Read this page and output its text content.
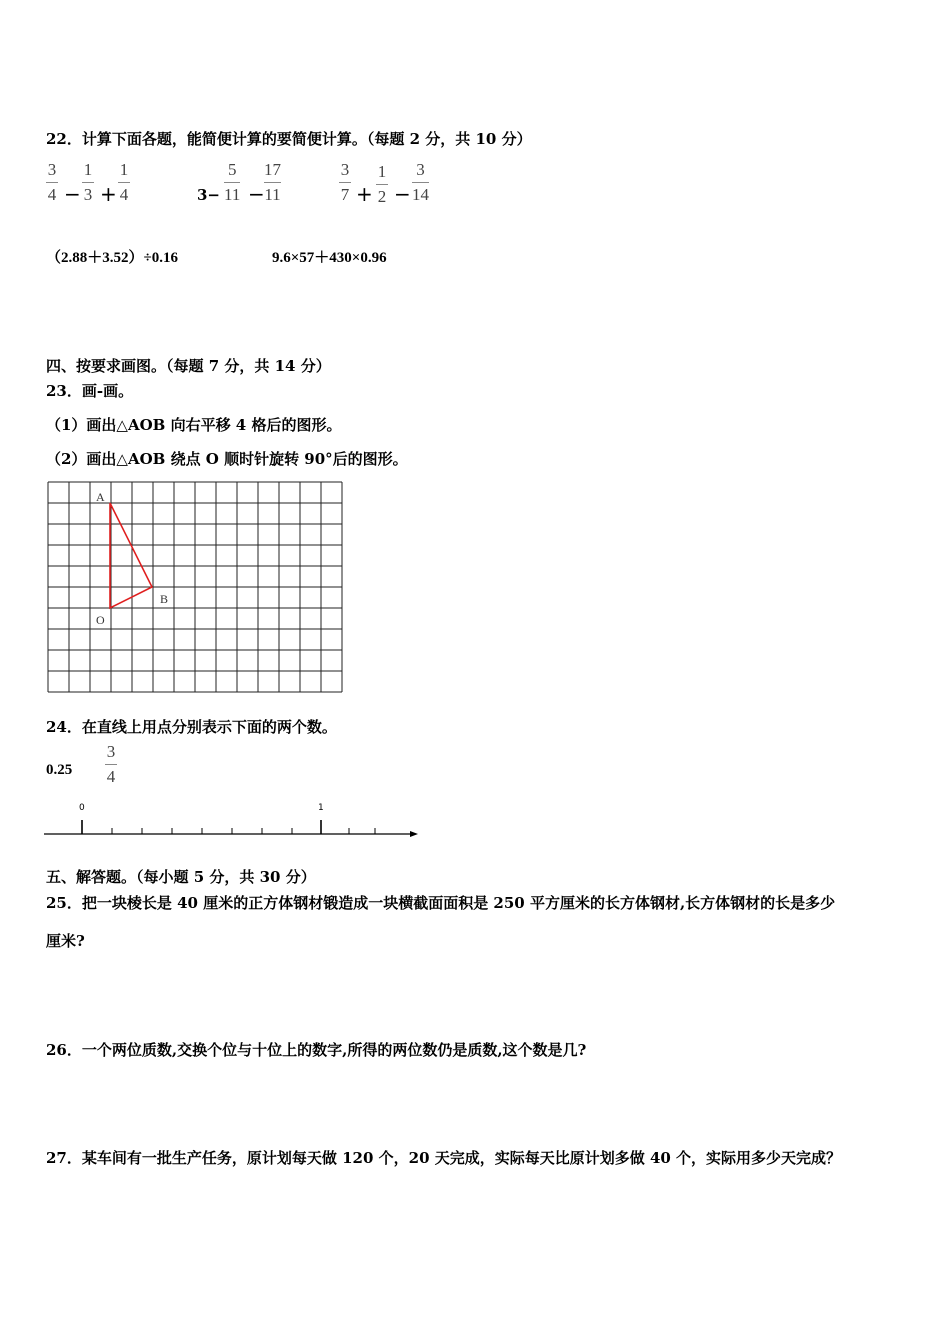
22．计算下面各题，能简便计算的要简便计算。（每题 2 分，共 10 分）
3
4 −
1
3 +
1
4	3−
5
11 −
17
11
3
7 +
1
2 −
3
14
（2.88＋3.52）÷0.16	9.6×57＋430×0.96
四、按要求画图。（每题 7 分，共 14 分）
23．画-画。
（1）画出△AOB 向右平移 4 格后的图形。
（2）画出△AOB 绕点 O 顺时针旋转 90°后的图形。
A
B
O
24．在直线上用点分别表示下面的两个数。
0.25
3
4
0	1
五、解答题。（每小题 5 分，共 30 分）
25．把一块棱长是 40 厘米的正方体钢材锻造成一块横截面面积是 250 平方厘米的长方体钢材,长方体钢材的长是多少
厘米?
26．一个两位质数,交换个位与十位上的数字,所得的两位数仍是质数,这个数是几?
27．某车间有一批生产任务，原计划每天做 120 个，20 天完成，实际每天比原计划多做 40 个，实际用多少天完成？
